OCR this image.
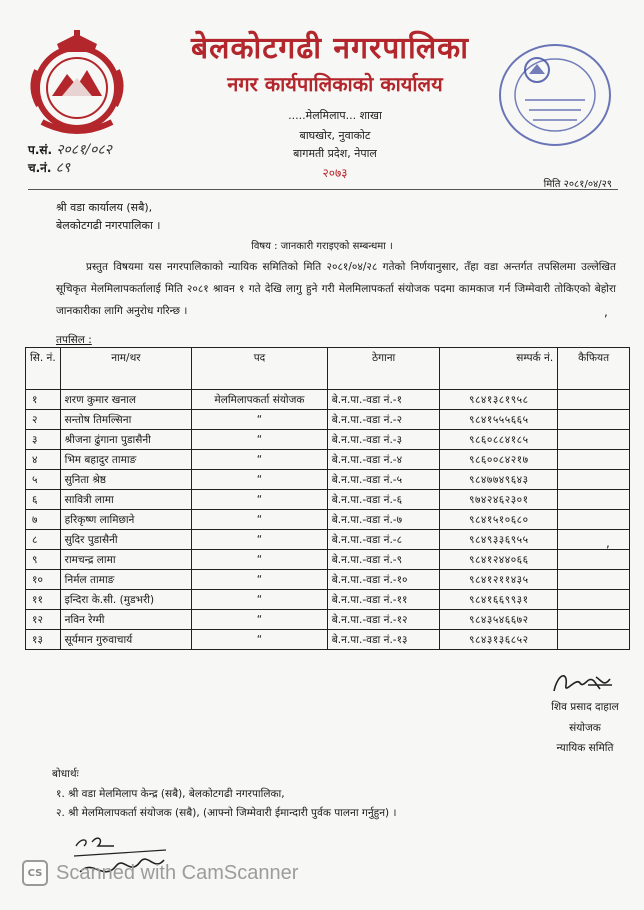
बेलकोटगढी नगरपालिका
नगर कार्यपालिकाको कार्यालय
.....मेलमिलाप... शाखा
बाघखोर, नुवाकोट
बागमती प्रदेश, नेपाल
२०७३
प.सं. २०८१/०८२
च.नं. ८९
मिति २०८१/०४/२९
श्री वडा कार्यालय (सबै),
बेलकोटगढी नगरपालिका ।
विषय : जानकारी गराइएको सम्बन्धमा ।
प्रस्तुत विषयमा यस नगरपालिकाको न्यायिक समितिको मिति २०८१/०४/२८ गतेको निर्णयानुसार, तँहा वडा अन्तर्गत तपसिलमा उल्लेखित सूचिकृत मेलमिलापकर्तालाई मिति २०८१ श्रावन १ गते देखि लागु हुने गरी मेलमिलापकर्ता संयोजक पदमा कामकाज गर्न जिम्मेवारी तोकिएको बेहोरा जानकारीका लागि अनुरोध गरिन्छ ।
तपसिल :
सि. नं.	नाम/थर	पद	ठेगाना	सम्पर्क नं.	कैफियत
१	शरण कुमार खनाल	मेलमिलापकर्ता संयोजक	बे.न.पा.-वडा नं.-१	९८४१३८१९५८	
२	सन्तोष तिमल्सिना	“	बे.न.पा.-वडा नं.-२	९८४१५५५६६५	
३	श्रीजना ढुंगाना पुडासैनी	“	बे.न.पा.-वडा नं.-३	९८६०८८४१८५	
४	भिम बहादुर तामाङ	“	बे.न.पा.-वडा नं.-४	९८६००८४२१७	
५	सुनिता श्रेष्ठ	“	बे.न.पा.-वडा नं.-५	९८४७७४९६४३	
६	सावित्री लामा	“	बे.न.पा.-वडा नं.-६	९७४२४६२३०१	
७	हरिकृष्ण लामिछाने	“	बे.न.पा.-वडा नं.-७	९८४१५१०६८०	
८	सुदिर पुडासैनी	“	बे.न.पा.-वडा नं.-८	९८४९३३६९५५	
९	रामचन्द्र लामा	“	बे.न.पा.-वडा नं.-९	९८४१२४४०६६	
१०	निर्मल तामाङ	“	बे.न.पा.-वडा नं.-१०	९८४१२११४३५	
११	इन्दिरा के.सी. (मुडभरी)	“	बे.न.पा.-वडा नं.-११	९८४१६६९९३१	
१२	नविन रेग्मी	“	बे.न.पा.-वडा नं.-१२	९८४३५४६६७२	
१३	सूर्यमान गुरुवाचार्य	“	बे.न.पा.-वडा नं.-१३	९८४३१३६८५२	
,
,
शिव प्रसाद दाहाल
संयोजक
न्यायिक समिति
बोधार्थः
१. श्री वडा मेलमिलाप केन्द्र (सबै), बेलकोटगढी नगरपालिका,
२. श्री मेलमिलापकर्ता संयोजक (सबै), (आफ्नो जिम्मेवारी ईमान्दारी पुर्वक पालना गर्नुहुन) ।
CS Scanned with CamScanner
